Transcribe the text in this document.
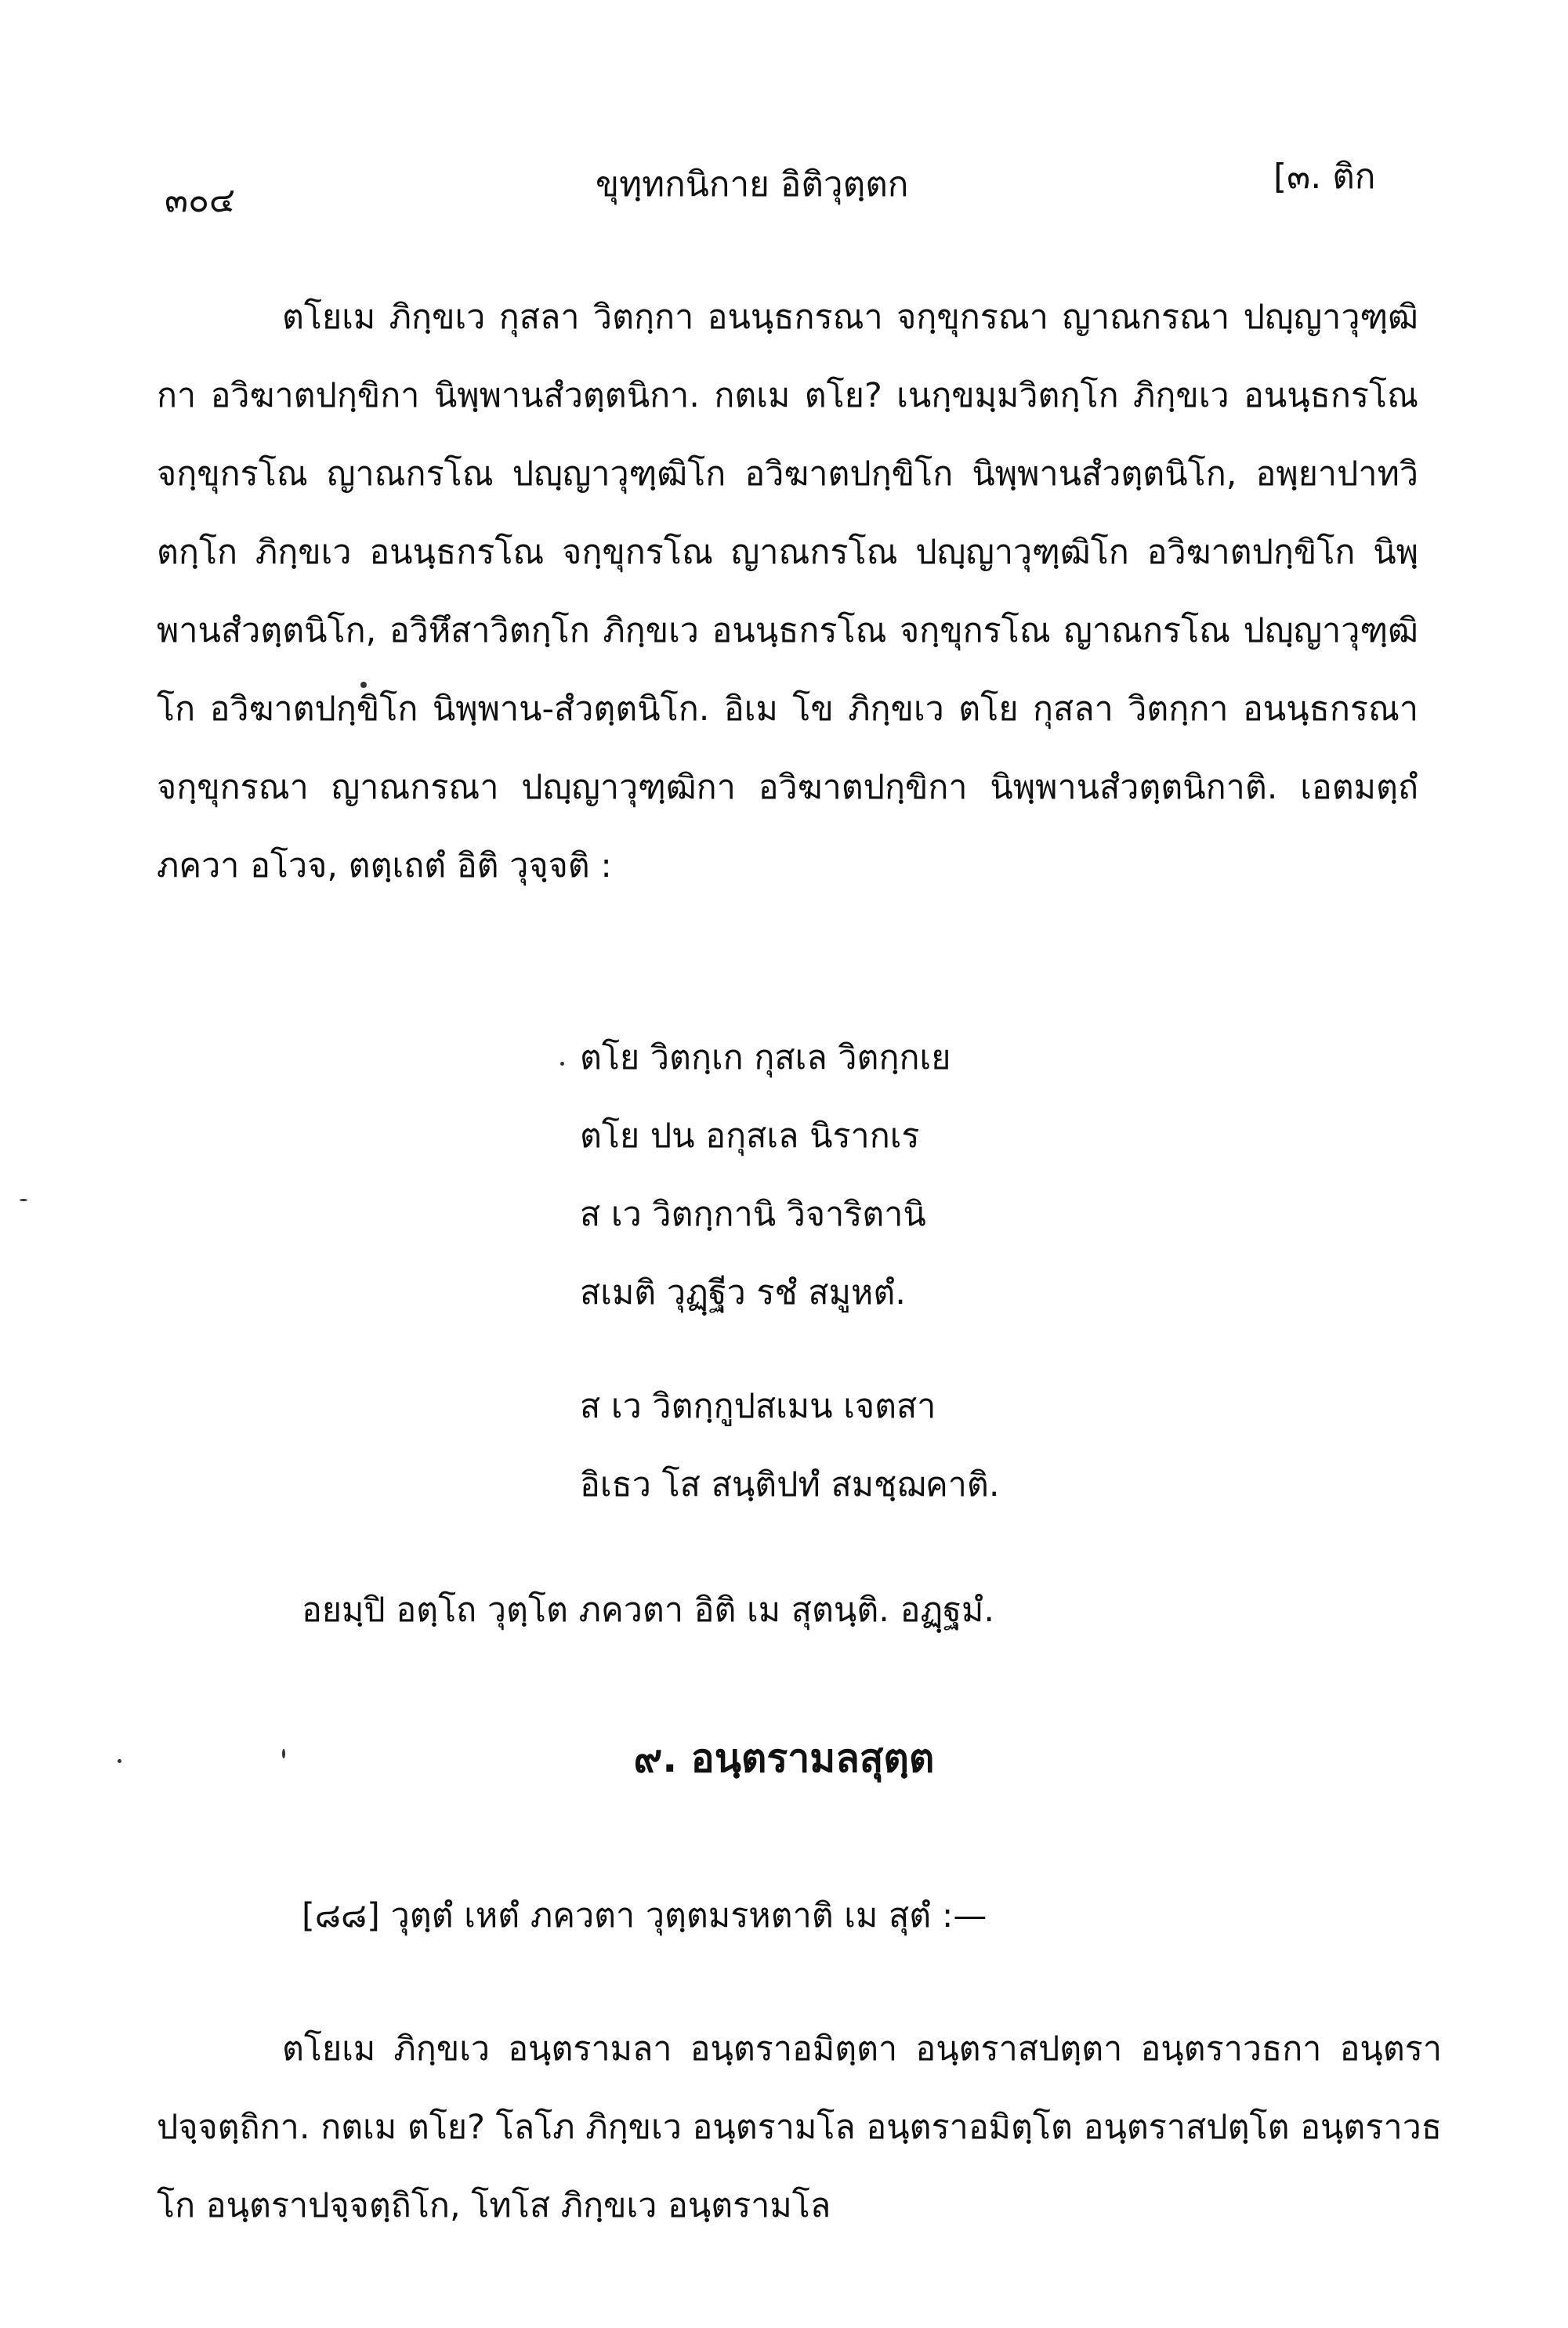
๓๐๔	ขุทฺทกนิกาย อิติวุตฺตก	[๓. ติก

ตโยเม ภิกฺขเว กุสลา วิตกฺกา อนนฺธกรณา จกฺขุกรณา ญาณกรณา ปญฺญาวุฑฺฒิกา อวิฆาตปกฺขิกา นิพฺพานสํวตฺตนิกา. กตเม ตโย? เนกฺขมฺมวิตกฺโก ภิกฺขเว อนนฺธกรโณ จกฺขุกรโณ ญาณกรโณ ปญฺญาวุฑฺฒิโก อวิฆาตปกฺขิโก นิพฺพานสํวตฺตนิโก, อพฺยาปาทวิตกฺโก ภิกฺขเว อนนฺธกรโณ จกฺขุกรโณ ญาณกรโณ ปญฺญาวุฑฺฒิโก อวิฆาตปกฺขิโก นิพฺพานสํวตฺตนิโก, อวิหึสาวิตกฺโก ภิกฺขเว อนนฺธกรโณ จกฺขุกรโณ ญาณกรโณ ปญฺญาวุฑฺฒิโก อวิฆาตปกฺขิโก นิพฺพาน-สํวตฺตนิโก. อิเม โข ภิกฺขเว ตโย กุสลา วิตกฺกา อนนฺธกรณา จกฺขุกรณา ญาณกรณา ปญฺญาวุฑฺฒิกา อวิฆาตปกฺขิกา นิพฺพานสํวตฺตนิกาติ. เอตมตฺถํ ภควา อโวจ, ตตฺเถตํ อิติ วุจฺจติ :

ตโย วิตกฺเก กุสเล วิตกฺกเย
ตโย ปน อกุสเล นิรากเร
ส เว วิตกฺกานิ วิจาริตานิ
สเมติ วุฏฺฐีว รชํ สมูหตํ.
ส เว วิตกฺกูปสเมน เจตสา
อิเธว โส สนฺติปทํ สมชฺฌคาติ.
อยมฺปิ อตฺโถ วุตฺโต ภควตา อิติ เม สุตนฺติ. อฏฺฐมํ.
๙. อนฺตรามลสุตฺต
[๘๘] วุตฺตํ เหตํ ภควตา วุตฺตมรหตาติ เม สุตํ :—

ตโยเม ภิกฺขเว อนฺตรามลา อนฺตราอมิตฺตา อนฺตราสปตฺตา อนฺตราวธกา อนฺตราปจฺจตฺถิกา. กตเม ตโย? โลโภ ภิกฺขเว อนฺตรามโล อนฺตราอมิตฺโต อนฺตราสปตฺโต อนฺตราวธโก อนฺตราปจฺจตฺถิโก, โทโส ภิกฺขเว อนฺตรามโล
